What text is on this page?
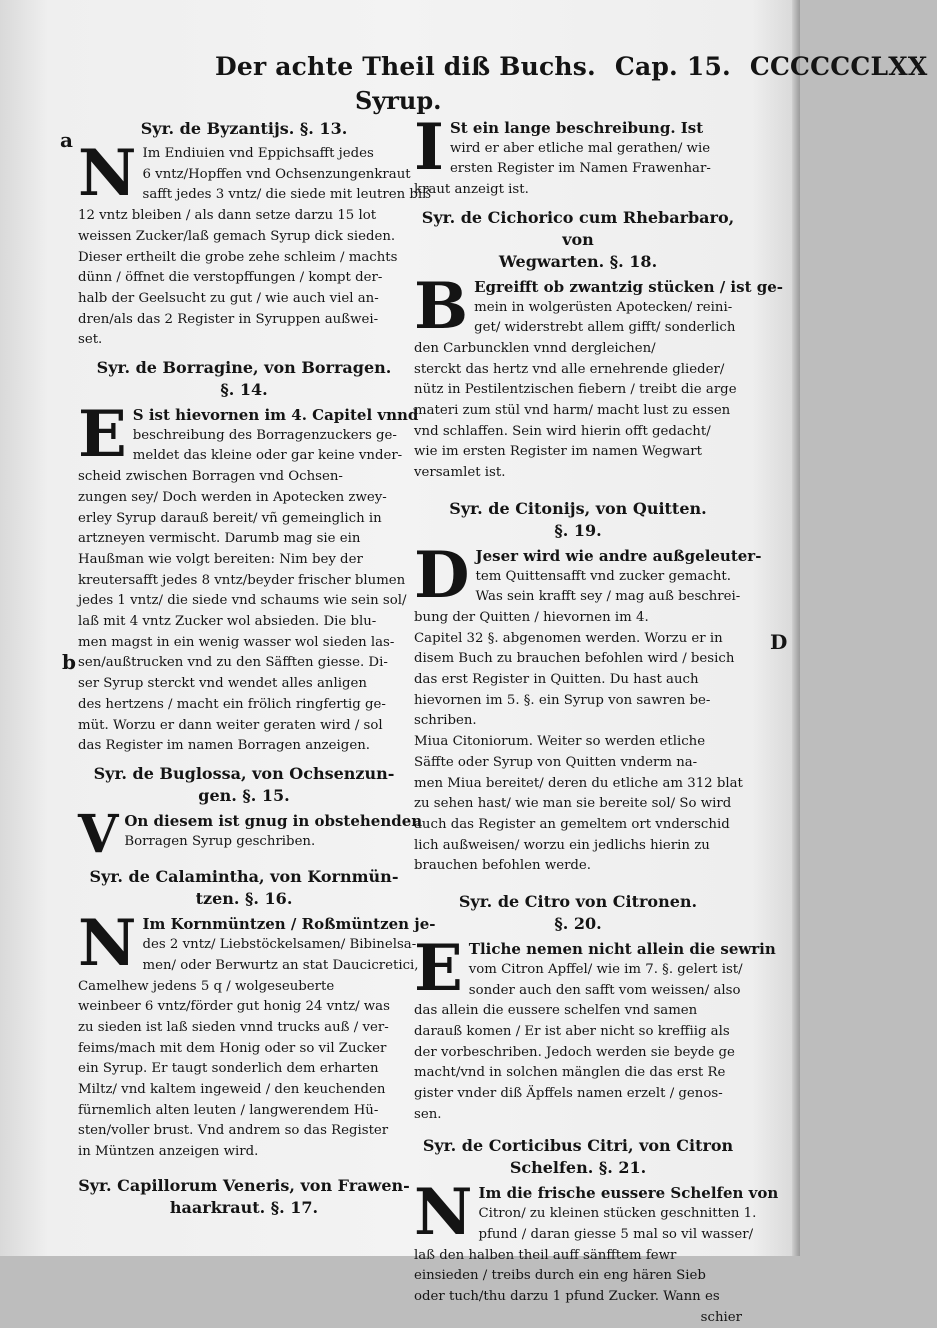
Der achte Theil diß Buchs. Cap. 15. CCCCCCLXX
Syrup.
a
b
D
Syr. de Byzantijs. §. 13.
N Im Endiuien vnd Eppichsafft jedes
6 vntz/Hopffen vnd Ochsenzungenkraut
safft jedes 3 vntz/ die siede mit leutren biß
12 vntz bleiben / als dann setze darzu 15 lot
weissen Zucker/laß gemach Syrup dick sieden.
Dieser ertheilt die grobe zehe schleim / machts
dünn / öffnet die verstopffungen / kompt der-
halb der Geelsucht zu gut / wie auch viel an-
dren/als das 2 Register in Syruppen außwei-
set.
Syr. de Borragine, von Borragen.
§. 14.
E S ist hievornen im 4. Capitel vnnd
beschreibung des Borragenzuckers ge-
meldet das kleine oder gar keine vnder-
scheid zwischen Borragen vnd Ochsen-
zungen sey/ Doch werden in Apotecken zwey-
erley Syrup darauß bereit/ vñ gemeinglich in
artzneyen vermischt. Darumb mag sie ein
Haußman wie volgt bereiten: Nim bey der
kreutersafft jedes 8 vntz/beyder frischer blumen
jedes 1 vntz/ die siede vnd schaums wie sein sol/
laß mit 4 vntz Zucker wol absieden. Die blu-
men magst in ein wenig wasser wol sieden las-
sen/außtrucken vnd zu den Säfften giesse. Di-
ser Syrup sterckt vnd wendet alles anligen
des hertzens / macht ein frölich ringfertig ge-
müt. Worzu er dann weiter geraten wird / sol
das Register im namen Borragen anzeigen.
Syr. de Buglossa, von Ochsenzun-
gen. §. 15.
V On diesem ist gnug in obstehenden
Borragen Syrup geschriben.
Syr. de Calamintha, von Kornmün-
tzen. §. 16.
N Im Kornmüntzen / Roßmüntzen je-
des 2 vntz/ Liebstöckelsamen/ Bibinelsa-
men/ oder Berwurtz an stat Daucicretici,
Camelhew jedens 5 q / wolgeseuberte
weinbeer 6 vntz/förder gut honig 24 vntz/ was
zu sieden ist laß sieden vnnd trucks auß / ver-
feims/mach mit dem Honig oder so vil Zucker
ein Syrup. Er taugt sonderlich dem erharten
Miltz/ vnd kaltem ingeweid / den keuchenden
fürnemlich alten leuten / langwerendem Hü-
sten/voller brust. Vnd andrem so das Register
in Müntzen anzeigen wird.
Syr. Capillorum Veneris, von Frawen-
haarkraut. §. 17.
I St ein lange beschreibung. Ist
wird er aber etliche mal gerathen/ wie
ersten Register im Namen Frawenhar-
kraut anzeigt ist.
Syr. de Cichorico cum Rhebarbaro, von
Wegwarten. §. 18.
B Egreifft ob zwantzig stücken / ist ge-
mein in wolgerüsten Apotecken/ reini-
get/ widerstrebt allem gifft/ sonderlich
den Carbuncklen vnnd dergleichen/
sterckt das hertz vnd alle ernehrende glieder/
nütz in Pestilentzischen fiebern / treibt die arge
materi zum stül vnd harm/ macht lust zu essen
vnd schlaffen. Sein wird hierin offt gedacht/
wie im ersten Register im namen Wegwart
versamlet ist.
Syr. de Citonijs, von Quitten.
§. 19.
D Jeser wird wie andre außgeleuter-
tem Quittensafft vnd zucker gemacht.
Was sein krafft sey / mag auß beschrei-
bung der Quitten / hievornen im 4.
Capitel 32 §. abgenomen werden. Worzu er in
disem Buch zu brauchen befohlen wird / besich
das erst Register in Quitten. Du hast auch
hievornen im 5. §. ein Syrup von sawren be-
schriben.
Miua Citoniorum. Weiter so werden etliche
Säffte oder Syrup von Quitten vnderm na-
men Miua bereitet/ deren du etliche am 312 blat
zu sehen hast/ wie man sie bereite sol/ So wird
auch das Register an gemeltem ort vnderschid
lich außweisen/ worzu ein jedlichs hierin zu
brauchen befohlen werde.
Syr. de Citro von Citronen.
§. 20.
E Tliche nemen nicht allein die sewrin
vom Citron Apffel/ wie im 7. §. gelert ist/
sonder auch den safft vom weissen/ also
das allein die eussere schelfen vnd samen
darauß komen / Er ist aber nicht so kreffiig als
der vorbeschriben. Jedoch werden sie beyde ge
macht/vnd in solchen mänglen die das erst Re
gister vnder diß Äpffels namen erzelt / genos-
sen.
Syr. de Corticibus Citri, von Citron
Schelfen. §. 21.
N Im die frische eussere Schelfen von
Citron/ zu kleinen stücken geschnitten 1.
pfund / daran giesse 5 mal so vil wasser/
laß den halben theil auff sänfftem fewr
einsieden / treibs durch ein eng hären Sieb
oder tuch/thu darzu 1 pfund Zucker. Wann es
schier
